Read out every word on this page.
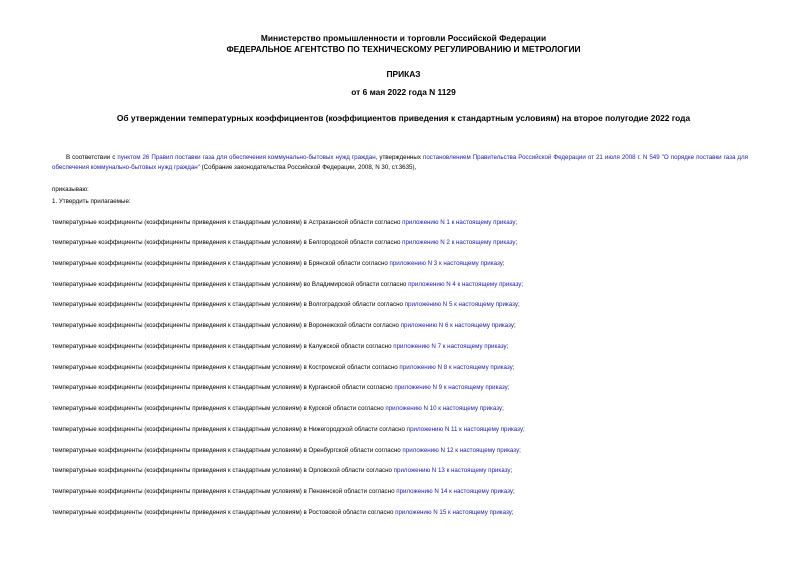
Министерство промышленности и торговли Российской Федерации
ФЕДЕРАЛЬНОЕ АГЕНТСТВО ПО ТЕХНИЧЕСКОМУ РЕГУЛИРОВАНИЮ И МЕТРОЛОГИИ
ПРИКАЗ
от 6 мая 2022 года N 1129
Об утверждении температурных коэффициентов (коэффициентов приведения к стандартным условиям) на второе полугодие 2022 года
В соответствии с пунктом 26 Правил поставки газа для обеспечения коммунально-бытовых нужд граждан, утвержденных постановлением Правительства Российской Федерации от 21 июля 2008 г. N 549 "О порядке поставки газа для обеспечения коммунально-бытовых нужд граждан" (Собрание законодательства Российской Федерации, 2008, N 30, ст.3635),
приказываю:
1. Утвердить прилагаемые:
температурные коэффициенты (коэффициенты приведения к стандартным условиям) в Астраханской области согласно приложению N 1 к настоящему приказу;
температурные коэффициенты (коэффициенты приведения к стандартным условиям) в Белгородской области согласно приложению N 2 к настоящему приказу;
температурные коэффициенты (коэффициенты приведения к стандартным условиям) в Брянской области согласно приложению N 3 к настоящему приказу;
температурные коэффициенты (коэффициенты приведения к стандартным условиям) во Владимирской области согласно приложению N 4 к настоящему приказу;
температурные коэффициенты (коэффициенты приведения к стандартным условиям) в Волгоградской области согласно приложению N 5 к настоящему приказу;
температурные коэффициенты (коэффициенты приведения к стандартным условиям) в Воронежской области согласно приложению N 6 к настоящему приказу;
температурные коэффициенты (коэффициенты приведения к стандартным условиям) в Калужской области согласно приложению N 7 к настоящему приказу;
температурные коэффициенты (коэффициенты приведения к стандартным условиям) в Костромской области согласно приложению N 8 к настоящему приказу;
температурные коэффициенты (коэффициенты приведения к стандартным условиям) в Курганской области согласно приложению N 9 к настоящему приказу;
температурные коэффициенты (коэффициенты приведения к стандартным условиям) в Курской области согласно приложению N 10 к настоящему приказу;
температурные коэффициенты (коэффициенты приведения к стандартным условиям) в Нижегородской области согласно приложению N 11 к настоящему приказу;
температурные коэффициенты (коэффициенты приведения к стандартным условиям) в Оренбургской области согласно приложению N 12 к настоящему приказу;
температурные коэффициенты (коэффициенты приведения к стандартным условиям) в Орловской области согласно приложению N 13 к настоящему приказу;
температурные коэффициенты (коэффициенты приведения к стандартным условиям) в Пензенской области согласно приложению N 14 к настоящему приказу;
температурные коэффициенты (коэффициенты приведения к стандартным условиям) в Ростовской области согласно приложению N 15 к настоящему приказу;
